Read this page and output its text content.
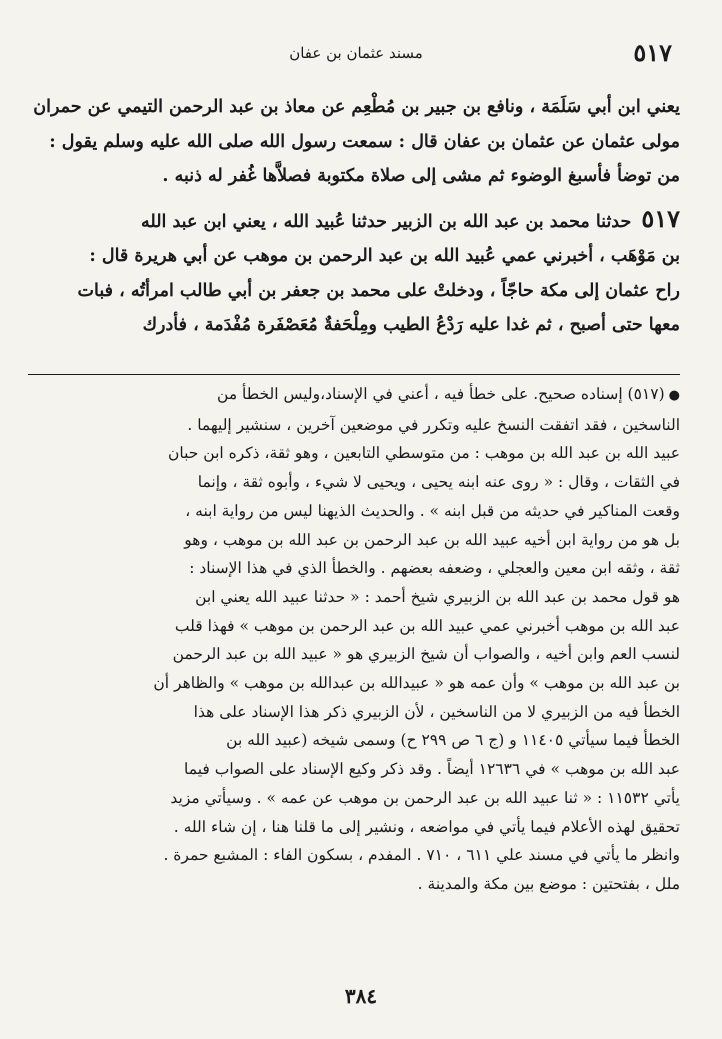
٥١٧
مسند عثمان بن عفان

يعني ابن أبي سَلَمَة ، ونافع بن جبير بن مُطْعِم عن معاذ بن عبد الرحمن التيمي عن حمران

مولى عثمان عن عثمان بن عفان قال : سمعت رسول الله صلى الله عليه وسلم يقول :

من توضأ فأسبغ الوضوء ثم مشى إلى صلاة مكتوبة فصلاَّها غُفر له ذنبه .

٥١٧حدثنا محمد بن عبد الله بن الزبير حدثنا عُبيد الله ، يعني ابن عبد الله

بن مَوْهَب ، أخبرني عمي عُبيد الله بن عبد الرحمن بن موهب عن أبي هريرة قال :

راح عثمان إلى مكة حاجّاً ، ودخلتْ على محمد بن جعفر بن أبي طالب امرأتُه ، فبات

معها حتى أصبح ، ثم غدا عليه رَدْعُ الطيب ومِلْحَفةٌ مُعَصْفَرة مُفْدَمة ، فأدرك

●(٥١٧) إسناده صحيح. على خطأ فيه ، أعني في الإسناد،وليس الخطأ من

الناسخين ، فقد اتفقت النسخ عليه وتكرر في موضعين آخرين ، سنشير إليهما .

عبيد الله بن عبد الله بن موهب : من متوسطي التابعين ، وهو ثقة، ذكره ابن حبان

في الثقات ، وقال : « روى عنه ابنه يحيى ، ويحيى لا شيء ، وأبوه ثقة ، وإنما

وقعت المناكير في حديثه من قبل ابنه » . والحديث الذيهنا ليس من رواية ابنه ،

بل هو من رواية ابن أخيه عبيد الله بن عبد الرحمن بن عبد الله بن موهب ، وهو

ثقة ، وثقه ابن معين والعجلي ، وضعفه بعضهم . والخطأ الذي في هذا الإسناد :

هو قول محمد بن عبد الله بن الزبيري شيخ أحمد : « حدثنا عبيد الله يعني ابن

عبد الله بن موهب أخبرني عمي عبيد الله بن عبد الرحمن بن موهب » فهذا قلب

لنسب العم وابن أخيه ، والصواب أن شيخ الزبيري هو « عبيد الله بن عبد الرحمن

بن عبد الله بن موهب » وأن عمه هو « عبيدالله بن عبدالله بن موهب » والظاهر أن

الخطأ فيه من الزبيري لا من الناسخين ، لأن الزبيري ذكر هذا الإسناد على هذا

الخطأ فيما سيأتي ١١٤٠٥ و (ج ٦ ص ٢٩٩ ح) وسمى شيخه (عبيد الله بن

عبد الله بن موهب » في ١٢٦٣٦ أيضاً . وقد ذكر وكيع الإسناد على الصواب فيما

يأتي ١١٥٣٢ : « ثنا عبيد الله بن عبد الرحمن بن موهب عن عمه » . وسيأتي مزيد

تحقيق لهذه الأعلام فيما يأتي في مواضعه ، ونشير إلى ما قلنا هنا ، إن شاء الله .

وانظر ما يأتي في مسند علي ٦١١ ، ٧١٠ . المفدم ، بسكون الفاء : المشبع حمرة .

ملل ، بفتحتين : موضع بين مكة والمدينة .

٣٨٤
